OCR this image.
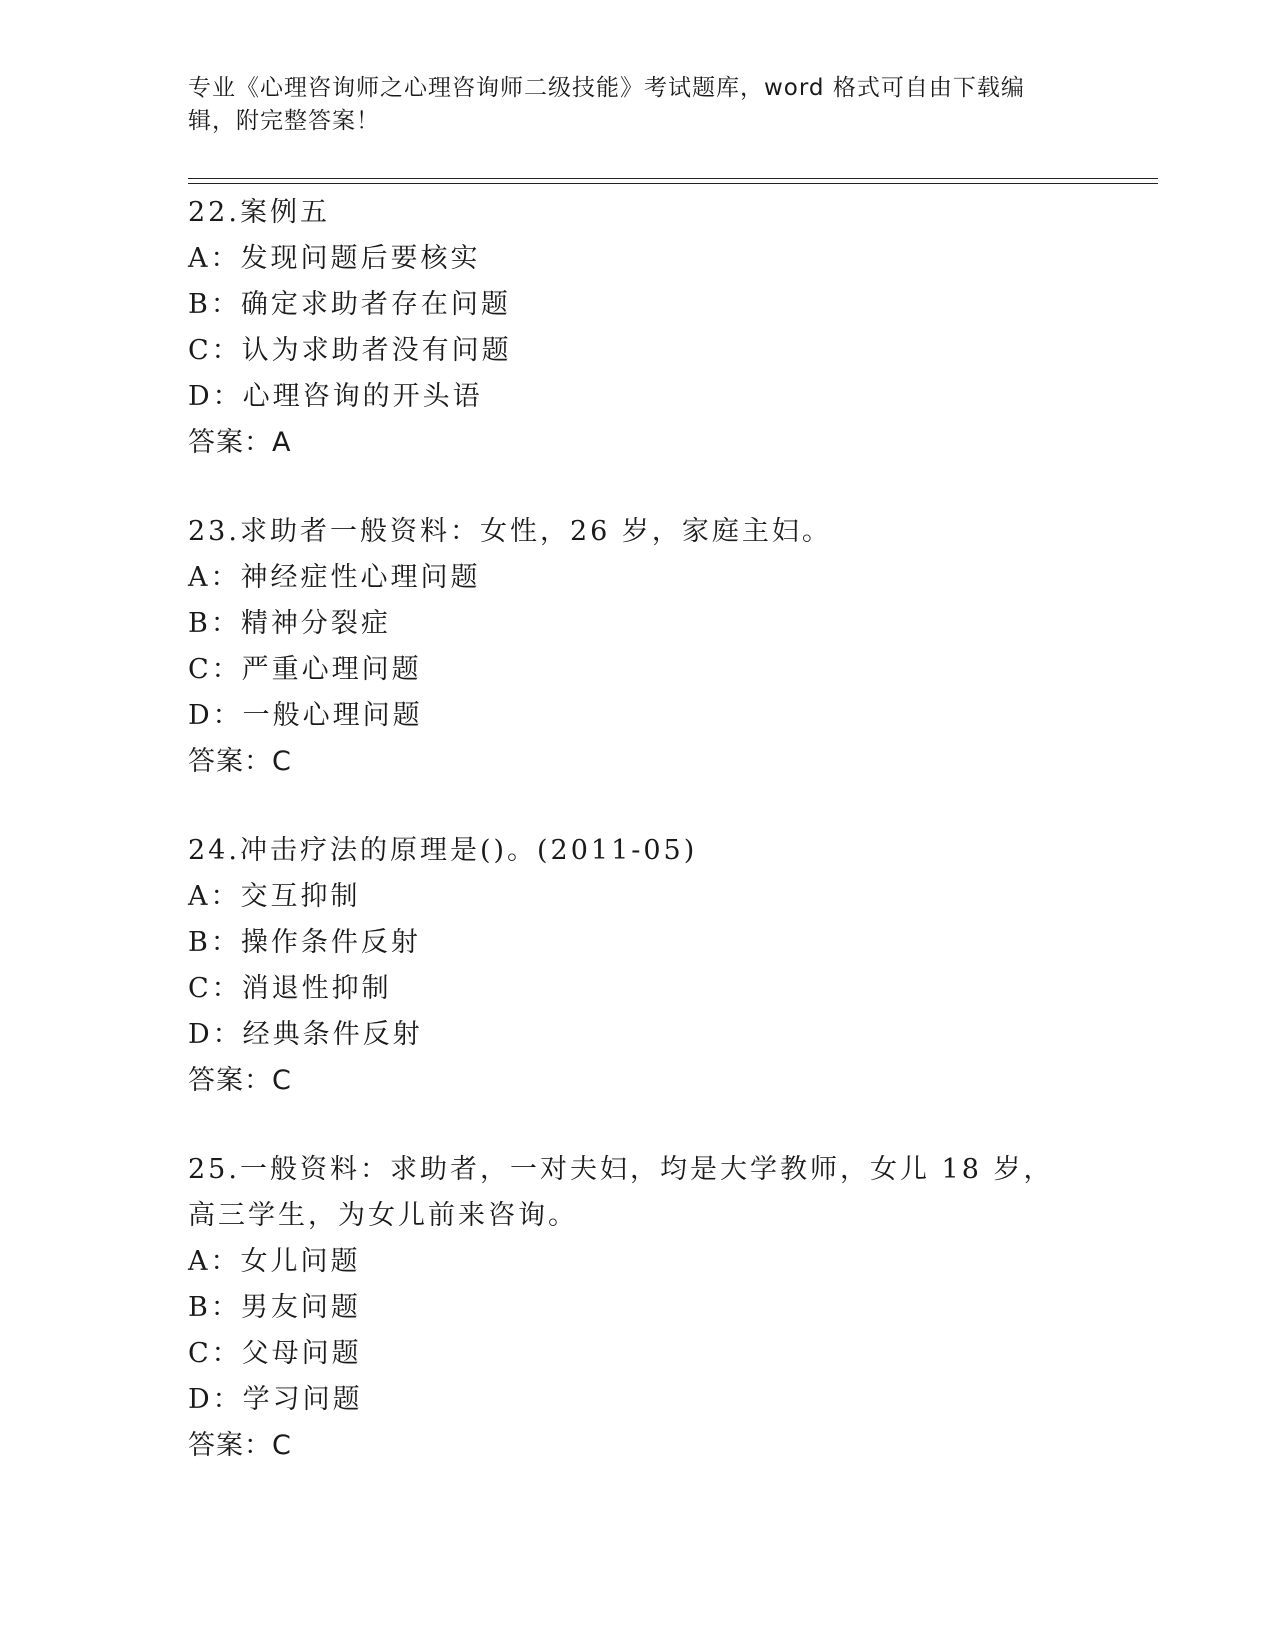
专业《心理咨询师之心理咨询师二级技能》考试题库，word 格式可自由下载编辑，附完整答案！
22.案例五
A：发现问题后要核实
B：确定求助者存在问题
C：认为求助者没有问题
D：心理咨询的开头语
答案：A
23.求助者一般资料：女性，26 岁，家庭主妇。
A：神经症性心理问题
B：精神分裂症
C：严重心理问题
D：一般心理问题
答案：C
24.冲击疗法的原理是()。(2011-05)
A：交互抑制
B：操作条件反射
C：消退性抑制
D：经典条件反射
答案：C
25.一般资料：求助者，一对夫妇，均是大学教师，女儿 18 岁，高三学生，为女儿前来咨询。
A：女儿问题
B：男友问题
C：父母问题
D：学习问题
答案：C
